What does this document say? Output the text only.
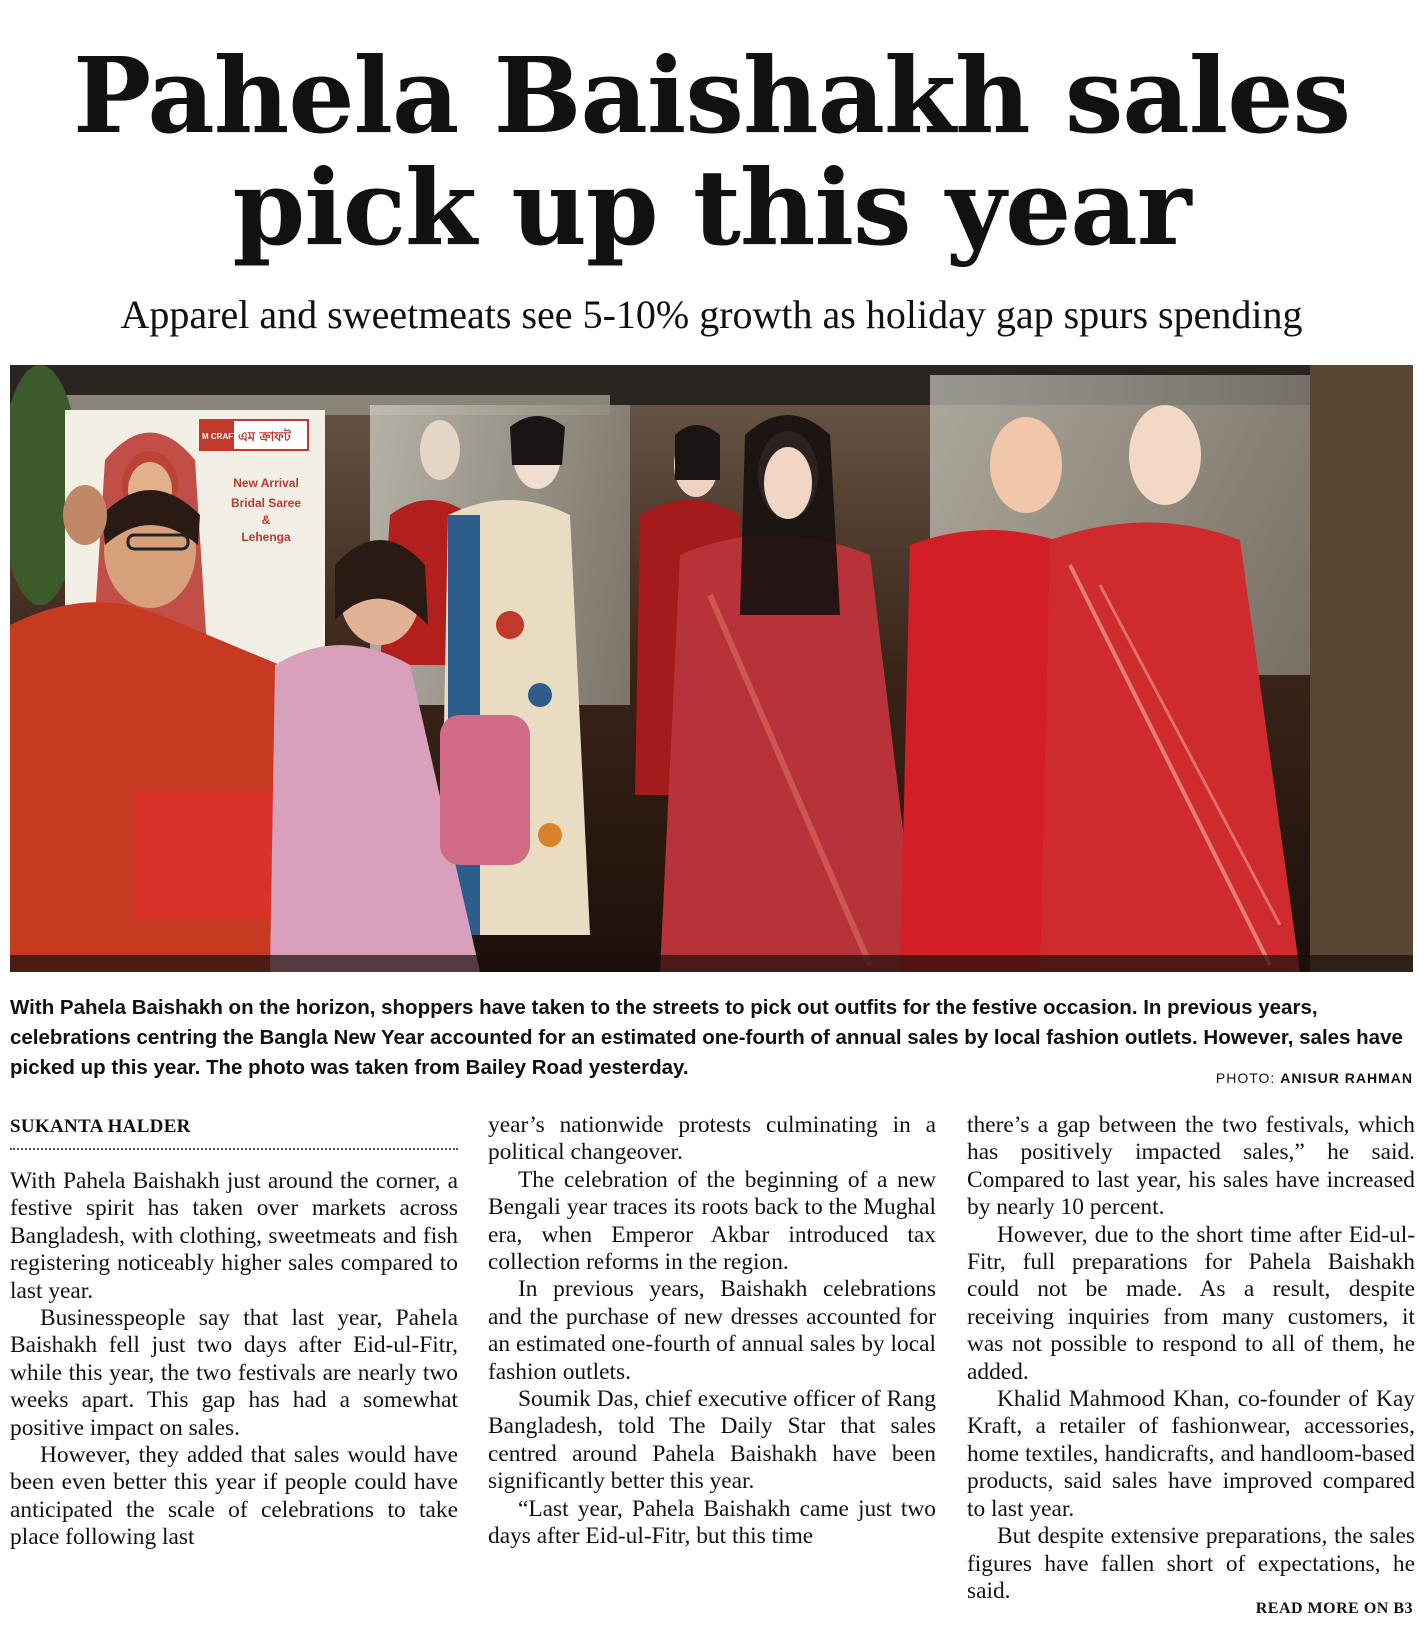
Pahela Baishakh sales
pick up this year

Apparel and sweetmeats see 5-10% growth as holiday gap spurs spending

M CRAFT এম ক্রাফট
New Arrival
Bridal Saree
&
Lehenga

With Pahela Baishakh on the horizon, shoppers have taken to the streets to pick out outfits for the festive occasion. In previous years, celebrations centring the Bangla New Year accounted for an estimated one-fourth of annual sales by local fashion outlets. However, sales have picked up this year. The photo was taken from Bailey Road yesterday.	PHOTO: ANISUR RAHMAN
SUKANTA HALDER

With Pahela Baishakh just around the corner, a festive spirit has taken over markets across Bangladesh, with clothing, sweetmeats and fish registering noticeably higher sales compared to last year.

Businesspeople say that last year, Pahela Baishakh fell just two days after Eid-ul-Fitr, while this year, the two festivals are nearly two weeks apart. This gap has had a somewhat positive impact on sales.

However, they added that sales would have been even better this year if people could have anticipated the scale of celebrations to take place following last

year’s nationwide protests culminating in a political changeover.

The celebration of the beginning of a new Bengali year traces its roots back to the Mughal era, when Emperor Akbar introduced tax collection reforms in the region.

In previous years, Baishakh celebrations and the purchase of new dresses accounted for an estimated one-fourth of annual sales by local fashion outlets.

Soumik Das, chief executive officer of Rang Bangladesh, told The Daily Star that sales centred around Pahela Baishakh have been significantly better this year.

“Last year, Pahela Baishakh came just two days after Eid-ul-Fitr, but this time

there’s a gap between the two festivals, which has positively impacted sales,” he said. Compared to last year, his sales have increased by nearly 10 percent.

However, due to the short time after Eid-ul-Fitr, full preparations for Pahela Baishakh could not be made. As a result, despite receiving inquiries from many customers, it was not possible to respond to all of them, he added.

Khalid Mahmood Khan, co-founder of Kay Kraft, a retailer of fashionwear, accessories, home textiles, handicrafts, and handloom-based products, said sales have improved compared to last year.

But despite extensive preparations, the sales figures have fallen short of expectations, he said.

READ MORE ON B3
